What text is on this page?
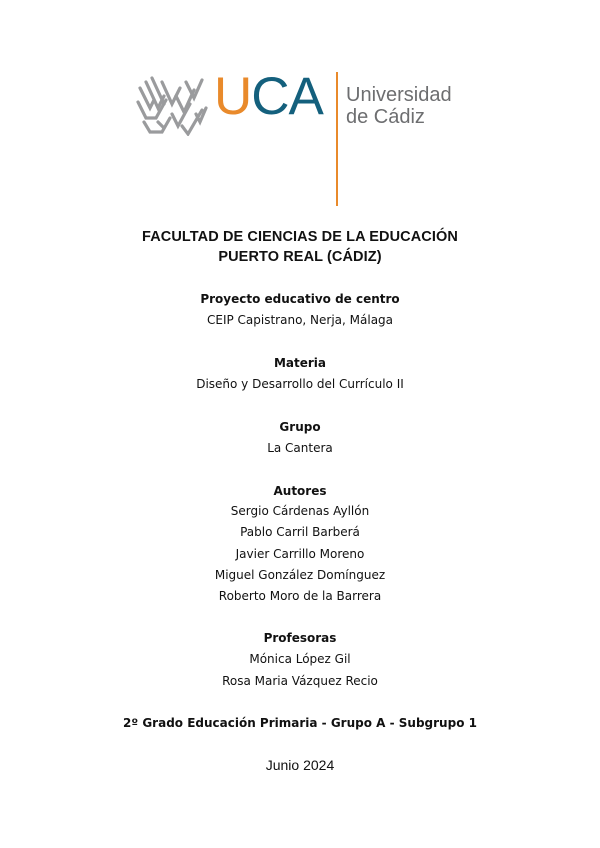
UCA Universidad
de Cádiz
FACULTAD DE CIENCIAS DE LA EDUCACIÓN
PUERTO REAL (CÁDIZ)
Proyecto educativo de centro
CEIP Capistrano, Nerja, Málaga
Materia
Diseño y Desarrollo del Currículo II
Grupo
La Cantera
Autores
Sergio Cárdenas Ayllón
Pablo Carril Barberá
Javier Carrillo Moreno
Miguel González Domínguez
Roberto Moro de la Barrera
Profesoras
Mónica López Gil
Rosa Maria Vázquez Recio
2º Grado Educación Primaria - Grupo A - Subgrupo 1
Junio 2024
